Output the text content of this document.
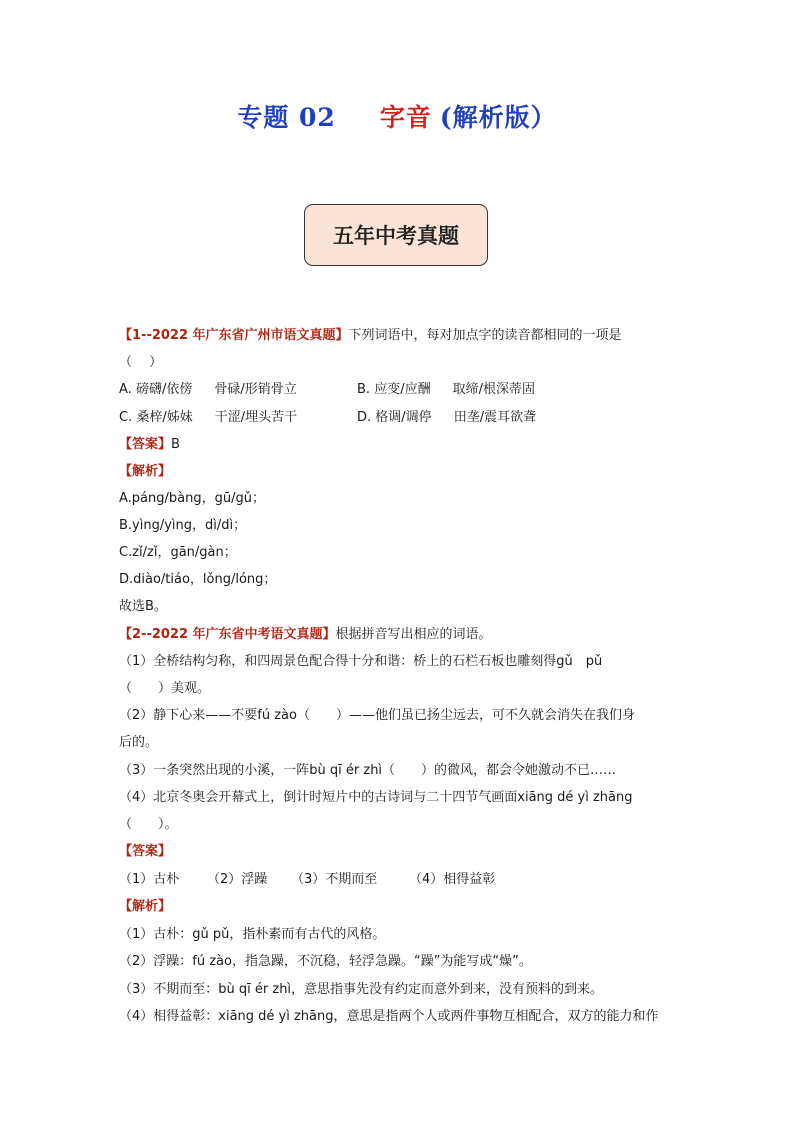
专题 02 字音 (解析版）
五年中考真题
【1--2022 年广东省广州市语文真题】下列词语中，每对加点字的读音都相同的一项是
（　 ）
A. 磅礴/依傍 骨碌/形销骨立	B. 应变/应酬 取缔/根深蒂固
C. 桑梓/姊妹 干涩/埋头苦干	D. 格调/调停 田垄/震耳欲聋
【答案】B
【解析】
A.páng/bàng，gū/gǔ；
B.yìng/yìng，dì/dì；
C.zǐ/zǐ，gān/gàn；
D.diào/tiáo，lǒng/lóng；
故选B。
【2--2022 年广东省中考语文真题】根据拼音写出相应的词语。
（1）全桥结构匀称，和四周景色配合得十分和谐：桥上的石栏石板也雕刻得gǔ　pǔ
（　　）美观。
（2）静下心来——不要fú zào（　　）——他们虽已扬尘远去，可不久就会消失在我们身
后的。
（3）一条突然出现的小溪，一阵bù qī ér zhì（　　）的微风，都会令她激动不已……
（4）北京冬奥会开幕式上，倒计时短片中的古诗词与二十四节气画面xiāng dé yì zhāng
（　　）。
【答案】
（1）古朴 （2）浮躁 （3）不期而至 （4）相得益彰
【解析】
（1）古朴：gǔ pǔ，指朴素而有古代的风格。
（2）浮躁：fú zào，指急躁，不沉稳，轻浮急躁。“躁”为能写成“燥”。
（3）不期而至：bù qī ér zhì，意思指事先没有约定而意外到来，没有预料的到来。
（4）相得益彰：xiāng dé yì zhāng，意思是指两个人或两件事物互相配合，双方的能力和作
